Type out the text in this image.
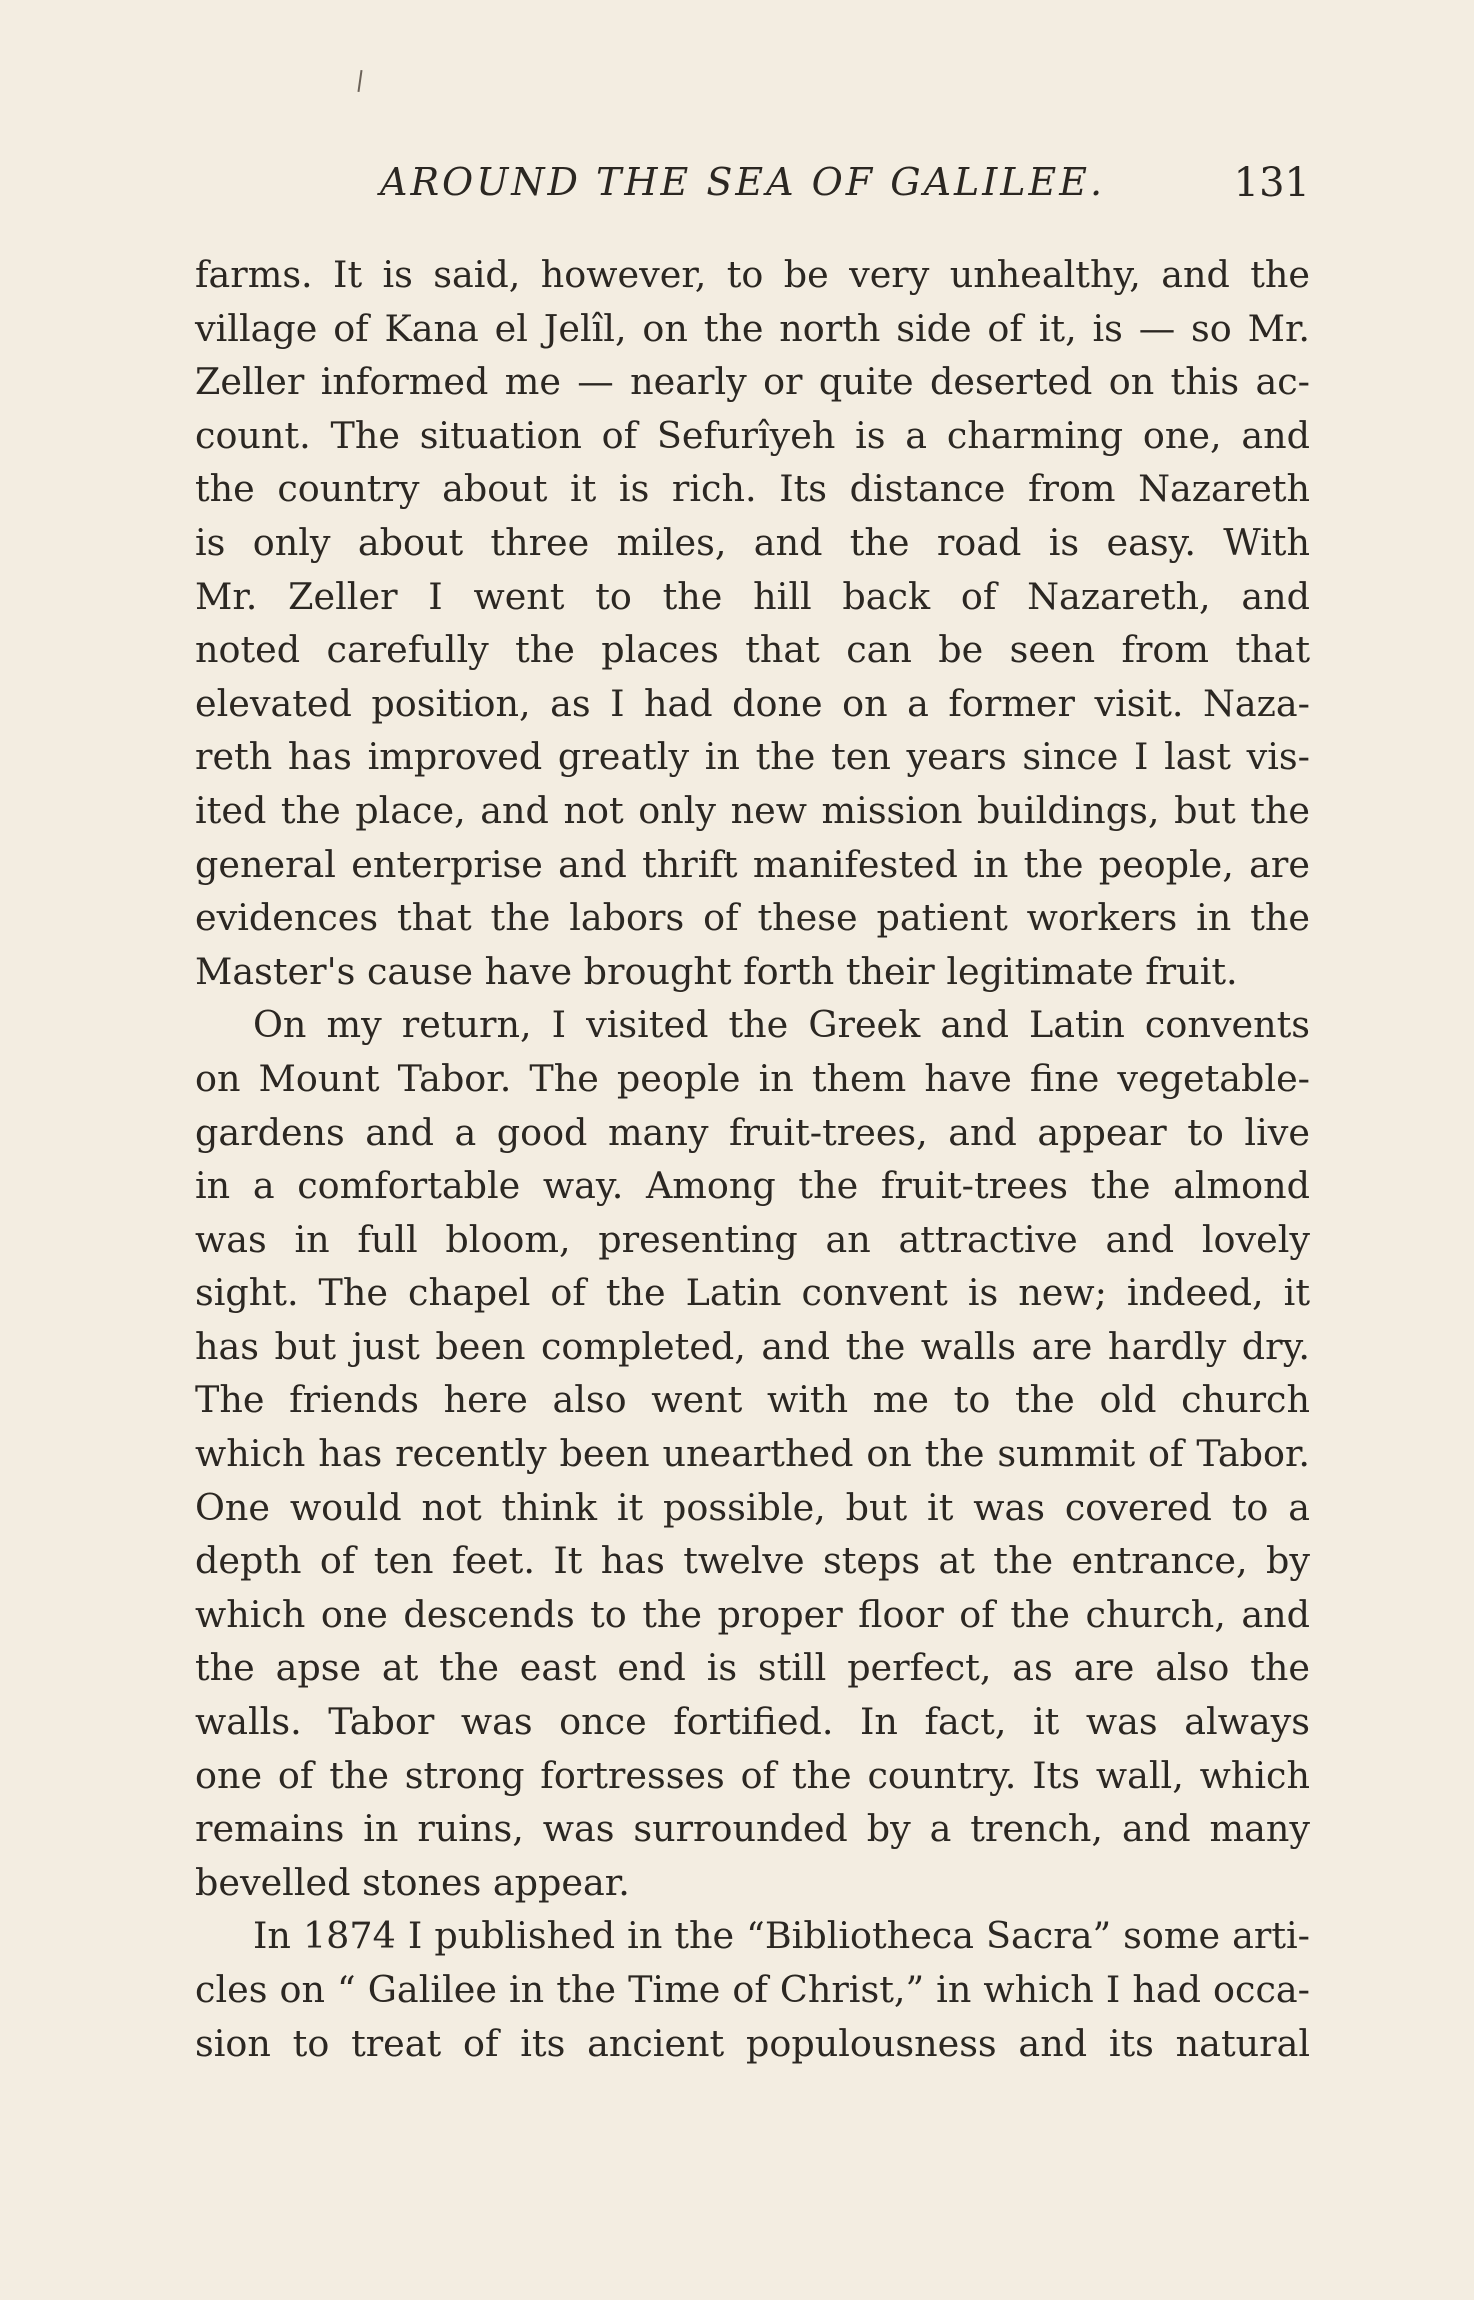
AROUND THE SEA OF GALILEE.	131
farms. It is said, however, to be very unhealthy, and the
village of Kana el Jelîl, on the north side of it, is — so Mr.
Zeller informed me — nearly or quite deserted on this ac-
count. The situation of Sefurîyeh is a charming one, and
the country about it is rich. Its distance from Nazareth
is only about three miles, and the road is easy. With
Mr. Zeller I went to the hill back of Nazareth, and
noted carefully the places that can be seen from that
elevated position, as I had done on a former visit. Naza-
reth has improved greatly in the ten years since I last vis-
ited the place, and not only new mission buildings, but the
general enterprise and thrift manifested in the people, are
evidences that the labors of these patient workers in the
Master's cause have brought forth their legitimate fruit.
On my return, I visited the Greek and Latin convents
on Mount Tabor. The people in them have fine vegetable-
gardens and a good many fruit-trees, and appear to live
in a comfortable way. Among the fruit-trees the almond
was in full bloom, presenting an attractive and lovely
sight. The chapel of the Latin convent is new; indeed, it
has but just been completed, and the walls are hardly dry.
The friends here also went with me to the old church
which has recently been unearthed on the summit of Tabor.
One would not think it possible, but it was covered to a
depth of ten feet. It has twelve steps at the entrance, by
which one descends to the proper floor of the church, and
the apse at the east end is still perfect, as are also the
walls. Tabor was once fortified. In fact, it was always
one of the strong fortresses of the country. Its wall, which
remains in ruins, was surrounded by a trench, and many
bevelled stones appear.
In 1874 I published in the “Bibliotheca Sacra” some arti-
cles on “ Galilee in the Time of Christ,” in which I had occa-
sion to treat of its ancient populousness and its natural
